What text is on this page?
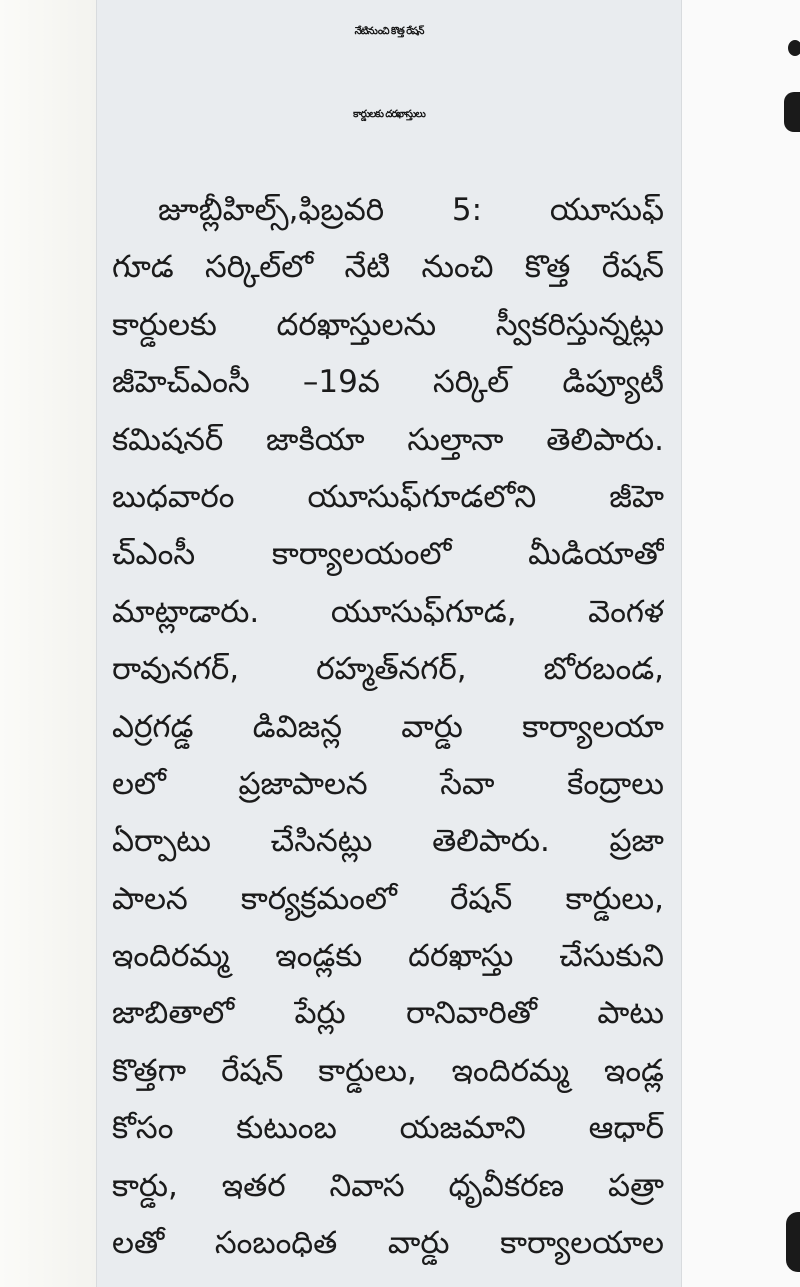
నేటినుంచి కొత్త రేషన్
కార్డులకు దరఖాస్తులు
జూబ్లీహిల్స్,ఫిబ్రవరి 5: యూసుఫ్
గూడ సర్కిల్‌లో నేటి నుంచి కొత్త రేషన్
కార్డులకు దరఖాస్తులను స్వీకరిస్తున్నట్లు
జీహెచ్ఎంసీ –19వ సర్కిల్ డిప్యూటీ
కమిషనర్ జాకియా సుల్తానా తెలిపారు.
బుధవారం యూసుఫ్‌గూడలోని జీహె
చ్ఎంసీ కార్యాలయంలో మీడియాతో
మాట్లాడారు. యూసుఫ్‌గూడ, వెంగళ
రావునగర్, రహ్మత్‌నగర్, బోరబండ,
ఎర్రగడ్డ డివిజన్ల వార్డు కార్యాలయా
లలో ప్రజాపాలన సేవా కేంద్రాలు
ఏర్పాటు చేసినట్లు తెలిపారు. ప్రజా
పాలన కార్యక్రమంలో రేషన్ కార్డులు,
ఇందిరమ్మ ఇండ్లకు దరఖాస్తు చేసుకుని
జాబితాలో పేర్లు రానివారితో పాటు
కొత్తగా రేషన్ కార్డులు, ఇందిరమ్మ ఇండ్ల
కోసం కుటుంబ యజమాని ఆధార్
కార్డు, ఇతర నివాస ధృవీకరణ పత్రా
లతో సంబంధిత వార్డు కార్యాలయాల
